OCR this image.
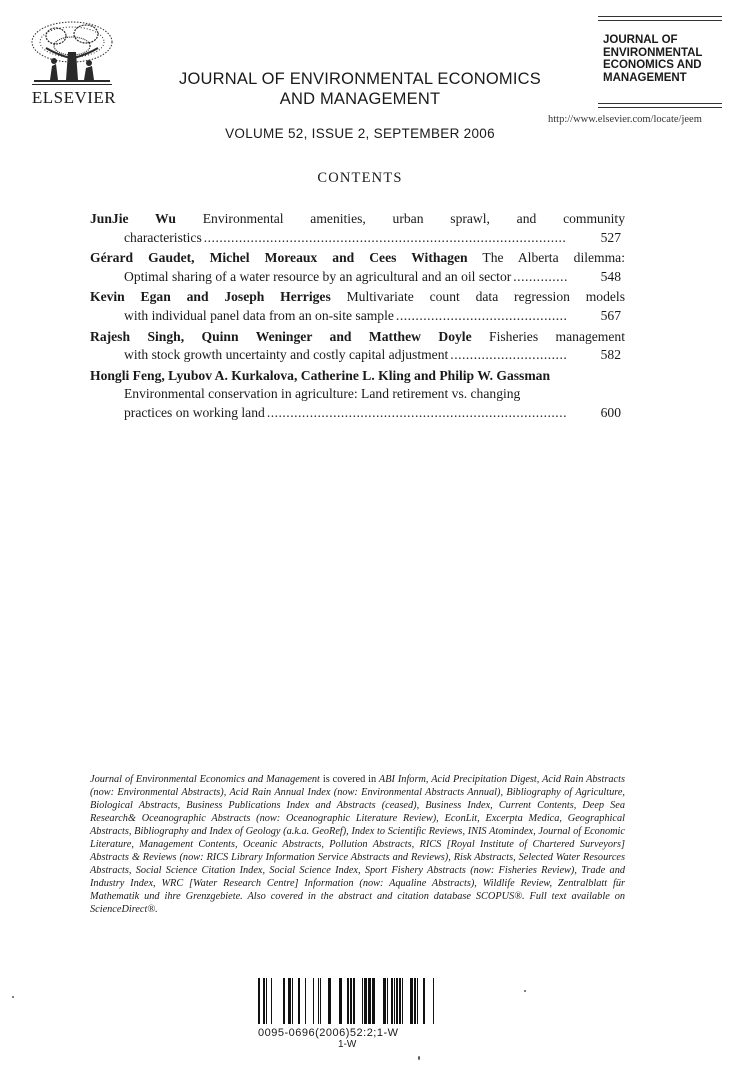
ELSEVIER
JOURNAL OF ENVIRONMENTAL ECONOMICS
AND MANAGEMENT
VOLUME 52, ISSUE 2, SEPTEMBER 2006
CONTENTS
JOURNAL OF
ENVIRONMENTAL
ECONOMICS AND
MANAGEMENT
http://www.elsevier.com/locate/jeem
JunJie Wu Environmental amenities, urban sprawl, and community
characteristics .....	527
Gérard Gaudet, Michel Moreaux and Cees Withagen The Alberta dilemma:
Optimal sharing of a water resource by an agricultural and an oil sector .....	548
Kevin Egan and Joseph Herriges Multivariate count data regression models
with individual panel data from an on-site sample .....	567
Rajesh Singh, Quinn Weninger and Matthew Doyle Fisheries management
with stock growth uncertainty and costly capital adjustment .....	582
Hongli Feng, Lyubov A. Kurkalova, Catherine L. Kling and Philip W. Gassman
Environmental conservation in agriculture: Land retirement vs. changing
practices on working land .....	600
Journal of Environmental Economics and Management is covered in ABI Inform, Acid Precipitation Digest, Acid Rain Abstracts (now: Environmental Abstracts), Acid Rain Annual Index (now: Environmental Abstracts Annual), Bibliography of Agriculture, Biological Abstracts, Business Publications Index and Abstracts (ceased), Business Index, Current Contents, Deep Sea Research& Oceanographic Abstracts (now: Oceanographic Literature Review), EconLit, Excerpta Medica, Geographical Abstracts, Bibliography and Index of Geology (a.k.a. GeoRef), Index to Scientific Reviews, INIS Atomindex, Journal of Economic Literature, Management Contents, Oceanic Abstracts, Pollution Abstracts, RICS [Royal Institute of Chartered Surveyors] Abstracts & Reviews (now: RICS Library Information Service Abstracts and Reviews), Risk Abstracts, Selected Water Resources Abstracts, Social Science Citation Index, Social Science Index, Sport Fishery Abstracts (now: Fisheries Review), Trade and Industry Index, WRC [Water Research Centre] Information (now: Aqualine Abstracts), Wildlife Review, Zentralblatt für Mathematik und ihre Grenzgebiete. Also covered in the abstract and citation database SCOPUS®. Full text available on ScienceDirect®.
0095-0696(2006)52:2;1-W
1-W
